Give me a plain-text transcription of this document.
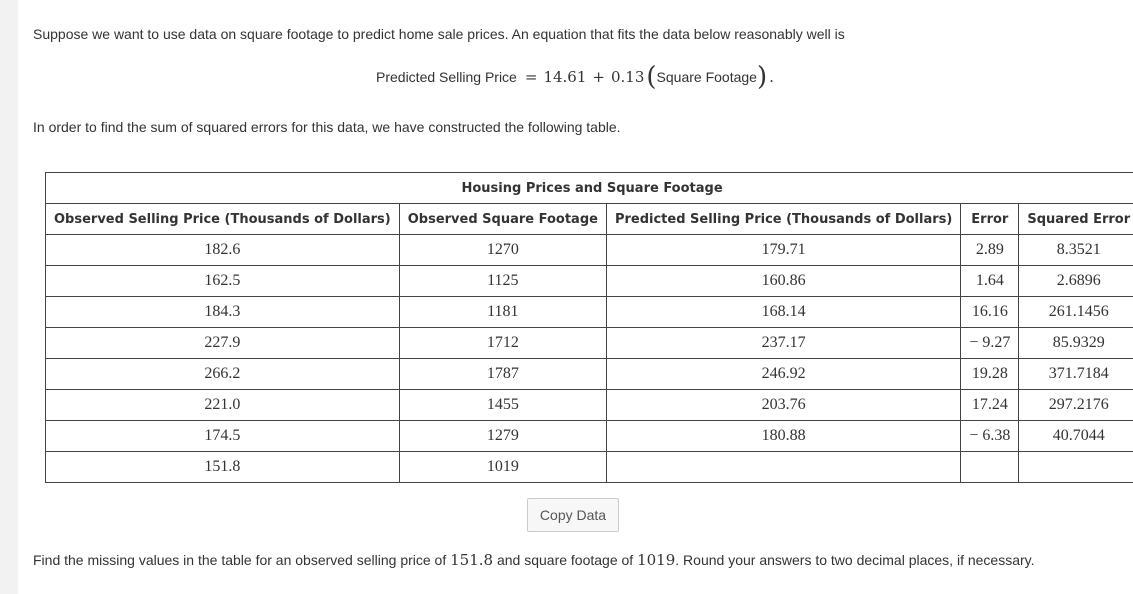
Suppose we want to use data on square footage to predict home sale prices. An equation that fits the data below reasonably well is
Predicted Selling Price = 14.61 + 0.13 ( Square Footage ) .
In order to find the sum of squared errors for this data, we have constructed the following table.
Housing Prices and Square Footage				
Observed Selling Price (Thousands of Dollars)	Observed Square Footage	Predicted Selling Price (Thousands of Dollars)	Error	Squared Error
182.6	1270	179.71	2.89	8.3521
162.5	1125	160.86	1.64	2.6896
184.3	1181	168.14	16.16	261.1456
227.9	1712	237.17	− 9.27	85.9329
266.2	1787	246.92	19.28	371.7184
221.0	1455	203.76	17.24	297.2176
174.5	1279	180.88	− 6.38	40.7044
151.8	1019			
Copy Data
Find the missing values in the table for an observed selling price of 151.8 and square footage of 1019. Round your answers to two decimal places, if necessary.
